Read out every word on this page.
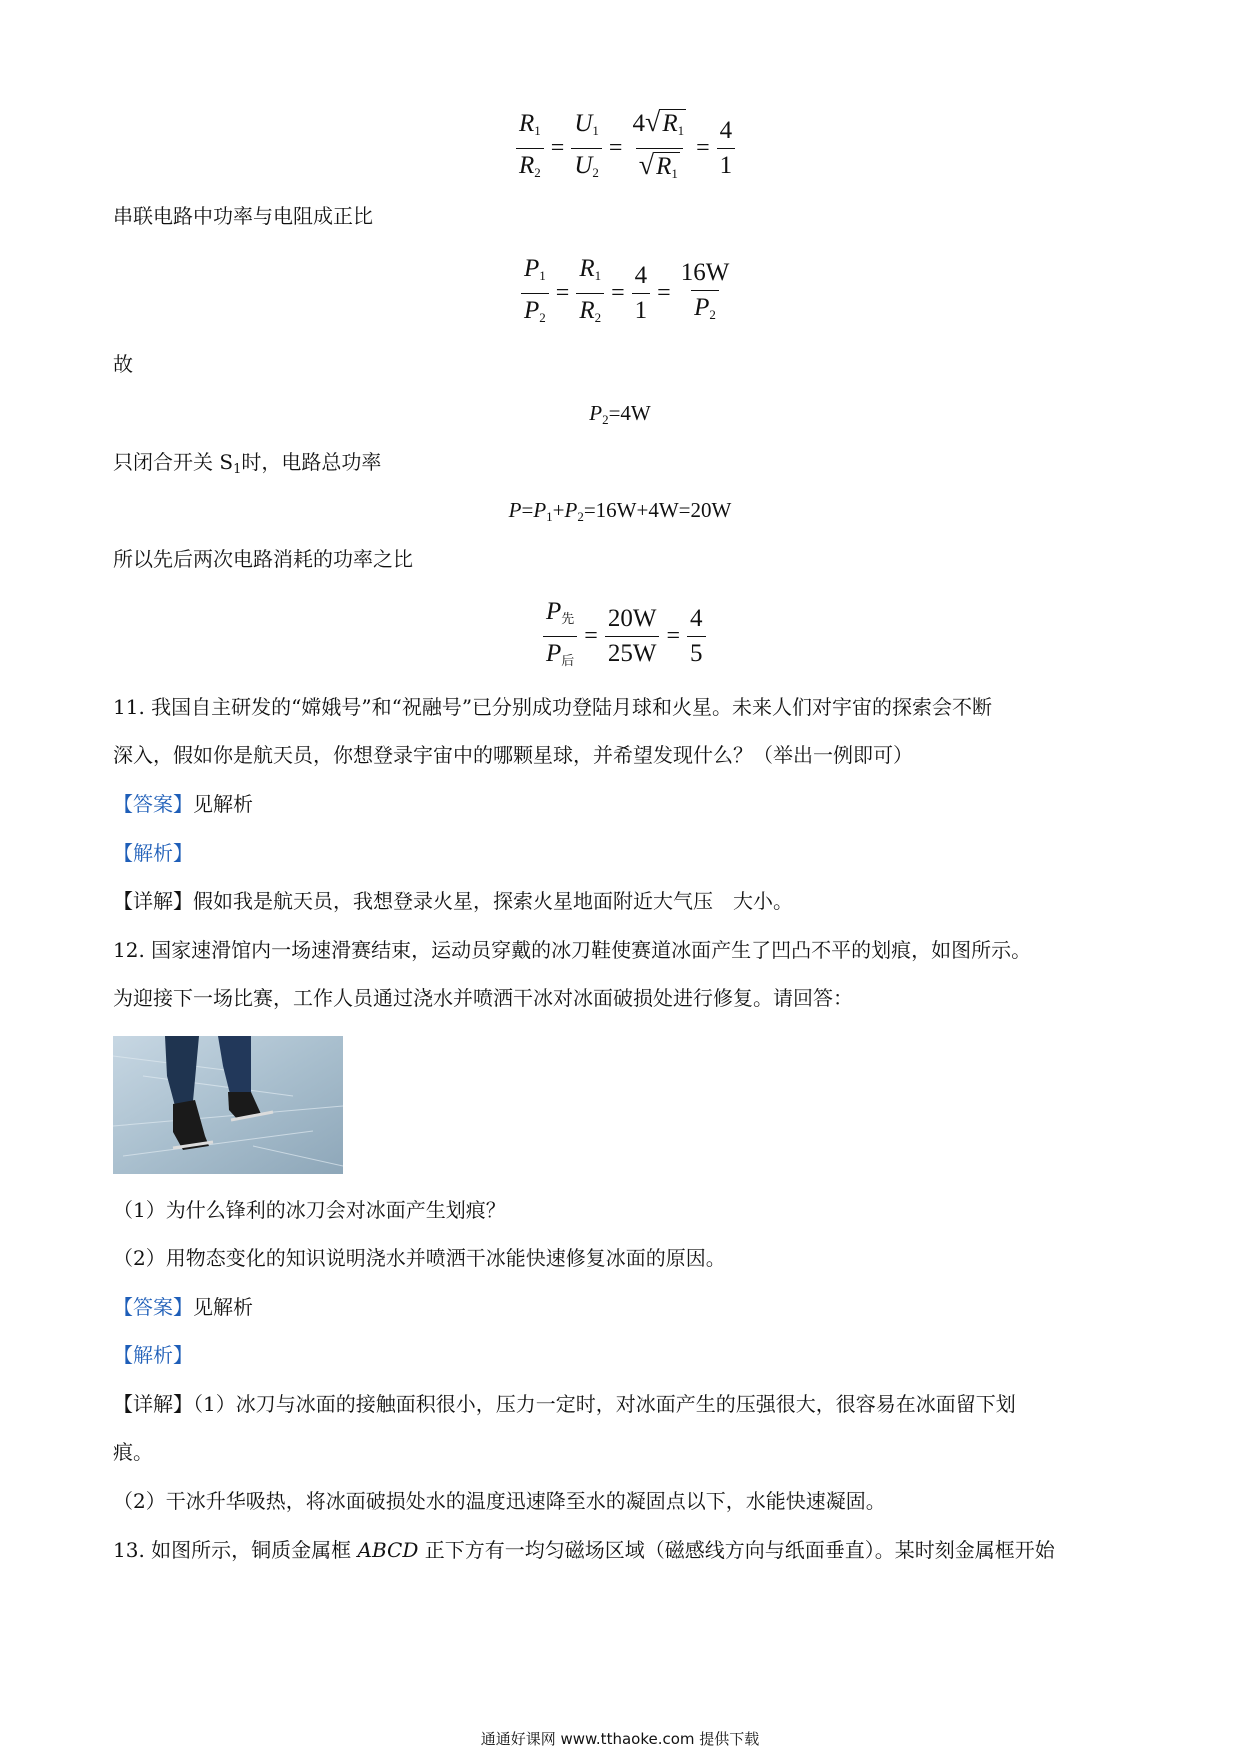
$\frac{R_1}{R_2} = \frac{U_1}{U_2} = \frac{4√R_1}{√R_1} = \frac{4}{1}$
串联电路中功率与电阻成正比
$\frac{P_1}{P_2} = \frac{R_1}{R_2} = \frac{4}{1} = \frac{16W}{P_2}$
故
$P_2=4W$
只闭合开关 $S_1$时，电路总功率
$P=P_1+P_2=16W+4W=20W$
所以先后两次电路消耗的功率之比
$\frac{P_先}{P_后} = \frac{20W}{25W} = \frac{4}{5}$
11. 我国自主研发的“嫦娥号”和“祝融号”已分别成功登陆月球和火星。未来人们对宇宙的探索会不断
深入，假如你是航天员，你想登录宇宙中的哪颗星球，并希望发现什么？（举出一例即可）
【答案】见解析
【解析】
【详解】假如我是航天员，我想登录火星，探索火星地面附近大气压　大小。
12. 国家速滑馆内一场速滑赛结束，运动员穿戴的冰刀鞋使赛道冰面产生了凹凸不平的划痕，如图所示。
为迎接下一场比赛，工作人员通过浇水并喷洒干冰对冰面破损处进行修复。请回答：
（1）为什么锋利的冰刀会对冰面产生划痕？
（2）用物态变化的知识说明浇水并喷洒干冰能快速修复冰面的原因。
【答案】见解析
【解析】
【详解】（1）冰刀与冰面的接触面积很小，压力一定时，对冰面产生的压强很大，很容易在冰面留下划
痕。
（2）干冰升华吸热，将冰面破损处水的温度迅速降至水的凝固点以下，水能快速凝固。
13. 如图所示，铜质金属框 ABCD 正下方有一均匀磁场区域（磁感线方向与纸面垂直）。某时刻金属框开始
通通好课网 www.tthaoke.com 提供下载
